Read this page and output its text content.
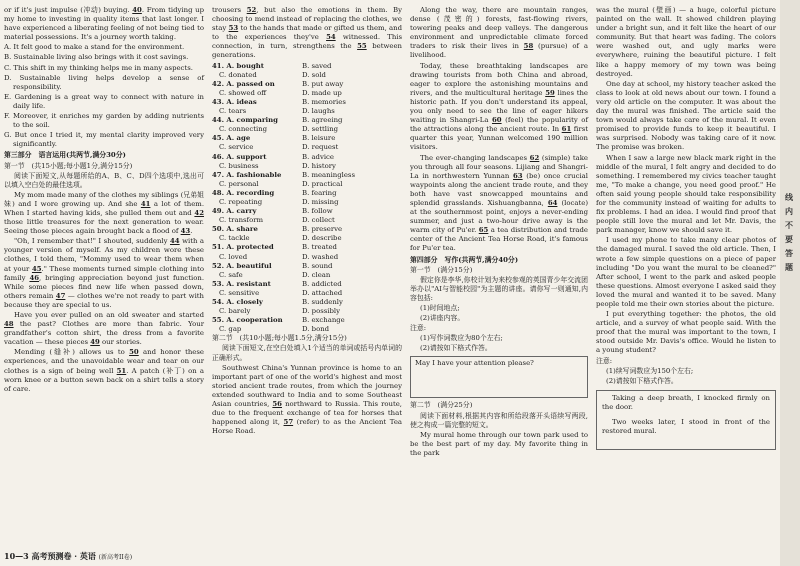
or if it's just impulse (冲动) buying. 40. From tidying up my home to investing in quality items that last longer. I have experienced a liberating feeling of not being tied to material possessions. It's a journey worth taking.

A. It felt good to make a stand for the environment.

B. Sustainable living also brings with it cost savings.

C. This shift in my thinking helps me in many aspects.

D. Sustainable living helps develop a sense of responsibility.

E. Gardening is a great way to connect with nature in daily life.

F. Moreover, it enriches my garden by adding nutrients to the soil.

G. But once I tried it, my mental clarity improved very significantly.

第三部分　语言运用(共两节,满分30分)

第一节　(共15小题;每小题1分,满分15分)

阅读下面短文,从每题所给的A、B、C、D四个选项中,选出可以填入空白处的最佳选项。

My mom made many of the clothes my siblings (兄弟姐妹) and I wore growing up. And she 41 a lot of them. When I started having kids, she pulled them out and 42 those little treasures for the next generation to wear. Seeing those pieces again brought back a flood of 43.

"Oh, I remember that!" I shouted, suddenly 44 with a younger version of myself. As my children wore these clothes, I told them, "Mommy used to wear them when at your 45." These moments turned simple clothing into family 46, bringing appreciation beyond just function. While some pieces find new life when passed down, others remain 47 — clothes we're not ready to part with because they are special to us.

Have you ever pulled on an old sweater and started 48 the past? Clothes are more than fabric. Your grandfather's cotton shirt, the dress from a favorite vacation — these pieces 49 our stories.

Mending (缝补) allows us to 50 and honor these experiences, and the unavoidable wear and tear on our clothes is a sign of being well 51. A patch (补丁) on a worn knee or a button sewn back on a shirt tells a story of care.

trousers 52, but also the emotions in them. By choosing to mend instead of replacing the clothes, we stay 53 to the hands that made or gifted us them, and to the experiences they've 54 witnessed. This connection, in turn, strengthens the 55 between generations.

41. A. bought	B. saved
C. donated	D. sold
42. A. passed on	B. put away
C. showed off	D. made up
43. A. ideas	B. memories
C. tears	D. laughs
44. A. comparing	B. agreeing
C. connecting	D. settling
45. A. age	B. leisure
C. service	D. request
46. A. support	B. advice
C. business	D. history
47. A. fashionable	B. meaningless
C. personal	D. practical
48. A. recording	B. fearing
C. repeating	D. missing
49. A. carry	B. follow
C. transform	D. collect
50. A. share	B. preserve
C. tackle	D. describe
51. A. protected	B. treated
C. loved	D. washed
52. A. beautiful	B. sound
C. safe	D. clean
53. A. resistant	B. addicted
C. sensitive	D. attached
54. A. closely	B. suddenly
C. barely	D. possibly
55. A. cooperation	B. exchange
C. gap	D. bond

第二节　(共10小题;每小题1.5分,满分15分)

阅读下面短文,在空白处填入1个适当的单词或括号内单词的正确形式。

Southwest China's Yunnan province is home to an important part of one of the world's highest and most storied ancient trade routes, from which the journey extended southward to India and to some Southeast Asian countries, 56 northward to Russia. This route, due to the frequent exchange of tea for horses that happened along it, 57 (refer) to as the Ancient Tea Horse Road.

Along the way, there are mountain ranges, dense (茂密的) forests, fast-flowing rivers, towering peaks and deep valleys. The dangerous environment and unpredictable climate forced traders to risk their lives in 58 (pursue) of a livelihood.

Today, these breathtaking landscapes are drawing tourists from both China and abroad, eager to explore the astonishing mountains and rivers, and the multicultural heritage 59 lines the historic path. If you don't understand its appeal, you only need to see the line of eager hikers waiting in Shangri-La 60 (feel) the popularity of the attractions along the ancient route. In 61 first quarter this year, Yunnan welcomed 190 million visitors.

The ever-changing landscapes 62 (simple) take you through all four seasons. Lijiang and Shangri-La in northwestern Yunnan 63 (be) once crucial waypoints along the ancient trade route, and they both have vast snowcapped mountains and splendid grasslands. Xishuangbanna, 64 (locate) at the southernmost point, enjoys a never-ending summer, and just a two-hour drive away is the warm city of Pu'er. 65 a tea distribution and trade center of the Ancient Tea Horse Road, it's famous for Pu'er tea.

第四部分　写作(共两节,满分40分)

第一节　(满分15分)

假定你是李华,你校计划为来校参观的英国青少年交流团举办以"AI与智能校园"为主题的讲座。请你写一则通知,内容包括:

(1)时间地点;

(2)讲座内容。

注意:

(1)写作词数应为80个左右;

(2)请按如下格式作答。

May I have your attention please?

第二节　(满分25分)

阅读下面材料,根据其内容和所给段落开头语续写两段,使之构成一篇完整的短文。

My mural home through our town park used to be the best part of my day. My favorite thing in the park

was the mural (壁画) — a huge, colorful picture painted on the wall. It showed children playing under a bright sun, and it felt like the heart of our community. But that heart was fading. The colors were washed out, and ugly marks were everywhere, ruining the beautiful picture. I felt like a happy memory of my town was being destroyed.

One day at school, my history teacher asked the class to look at old news about our town. I found a very old article on the computer. It was about the day the mural was finished. The article said the town would always take care of the mural. It even promised to provide funds to keep it beautiful. I was surprised. Nobody was taking care of it now. The promise was broken.

When I saw a large new black mark right in the middle of the mural, I felt angry and decided to do something. I remembered my civics teacher taught me, "To make a change, you need good proof." He often said young people should take responsibility for the community instead of waiting for adults to fix problems. I had an idea. I would find proof that people still love the mural and let Mr. Davis, the park manager, know we should save it.

I used my phone to take many clear photos of the damaged mural. I saved the old article. Then, I wrote a few simple questions on a piece of paper including "Do you want the mural to be cleaned?" After school, I went to the park and asked people these questions. Almost everyone I asked said they loved the mural and wanted it to be saved. Many people told me their own stories about the picture.

I put everything together: the photos, the old article, and a survey of what people said. With the proof that the mural was important to the town, I stood outside Mr. Davis's office. Would he listen to a young student?

注意:

(1)续写词数应为150个左右;

(2)请按如下格式作答。

Taking a deep breath, I knocked firmly on the door.

Two weeks later, I stood in front of the restored mural.

线内不要答题
10—3 高考预测卷 · 英语 (新高考II卷)
